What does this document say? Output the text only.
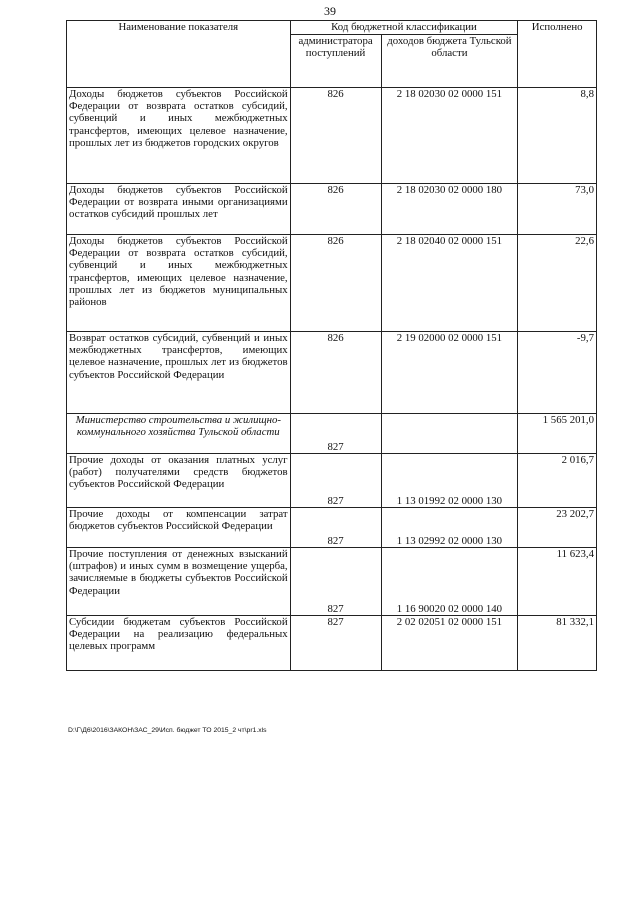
39
Наименование показателя	Код бюджетной классификации		Исполнено
	администратора поступлений	доходов бюджета Тульской области	
Доходы бюджетов субъектов Российской Федерации от возврата остатков субсидий, субвенций и иных межбюджетных трансфертов, имеющих целевое назначение, прошлых лет из бюджетов городских округов	826	2 18 02030 02 0000 151	8,8
Доходы бюджетов субъектов Российской Федерации от возврата иными организациями остатков субсидий прошлых лет	826	2 18 02030 02 0000 180	73,0
Доходы бюджетов субъектов Российской Федерации от возврата остатков субсидий, субвенций и иных межбюджетных трансфертов, имеющих целевое назначение, прошлых лет из бюджетов муниципальных районов	826	2 18 02040 02 0000 151	22,6
Возврат остатков субсидий, субвенций и иных межбюджетных трансфертов, имеющих целевое назначение, прошлых лет из бюджетов субъектов Российской Федерации	826	2 19 02000 02 0000 151	-9,7
Министерство строительства и жилищно-коммунального хозяйства Тульской области	827		1 565 201,0
Прочие доходы от оказания платных услуг (работ) получателями средств бюджетов субъектов Российской Федерации	827	1 13 01992 02 0000 130	2 016,7
Прочие доходы от компенсации затрат бюджетов субъектов Российской Федерации	827	1 13 02992 02 0000 130	23 202,7
Прочие поступления от денежных взысканий (штрафов) и иных сумм в возмещение ущерба, зачисляемые в бюджеты субъектов Российской Федерации	827	1 16 90020 02 0000 140	11 623,4
Субсидии бюджетам субъектов Российской Федерации на реализацию федеральных целевых программ	827	2 02 02051 02 0000 151	81 332,1
D:\Г\Д6\2016\ЗАКОН\ЗАС_29\Исп. бюджет ТО 2015_2 чт\pr1.xls
